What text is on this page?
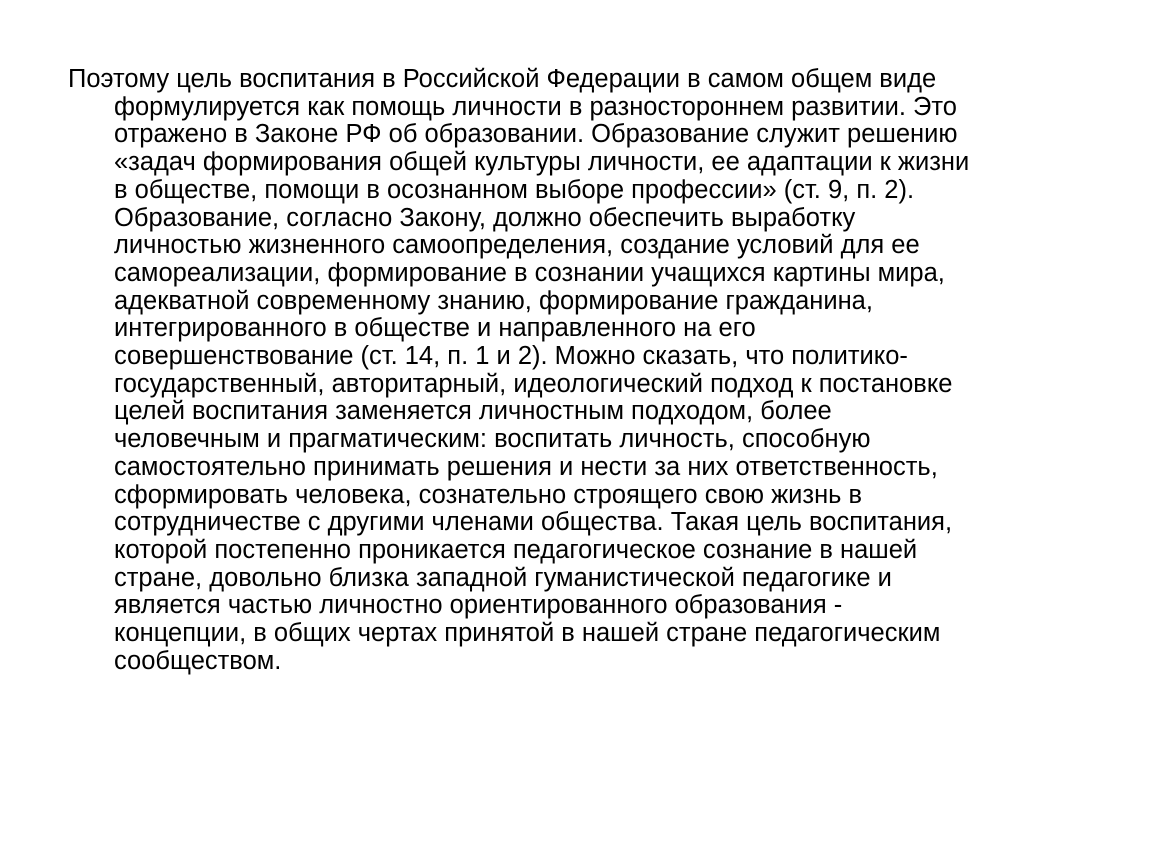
Поэтому цель воспитания в Российской Федерации в самом общем виде
формулируется как помощь личности в разностороннем развитии. Это
отражено в Законе РФ об образовании. Образование служит решению
«задач формирования общей культуры личности, ее адаптации к жизни
в обществе, помощи в осознанном выборе профессии» (ст. 9, п. 2).
Образование, согласно Закону, должно обеспечить выработку
личностью жизненного самоопределения, создание условий для ее
самореализации, формирование в сознании учащихся картины мира,
адекватной современному знанию, формирование гражданина,
интегрированного в обществе и направленного на его
совершенствование (ст. 14, п. 1 и 2). Можно сказать, что политико-
государственный, авторитарный, идеологический подход к постановке
целей воспитания заменяется личностным подходом, более
человечным и прагматическим: воспитать личность, способную
самостоятельно принимать решения и нести за них ответственность,
сформировать человека, сознательно строящего свою жизнь в
сотрудничестве с другими членами общества. Такая цель воспитания,
которой постепенно проникается педагогическое сознание в нашей
стране, довольно близка западной гуманистической педагогике и
является частью личностно ориентированного образования -
концепции, в общих чертах принятой в нашей стране педагогическим
сообществом.
